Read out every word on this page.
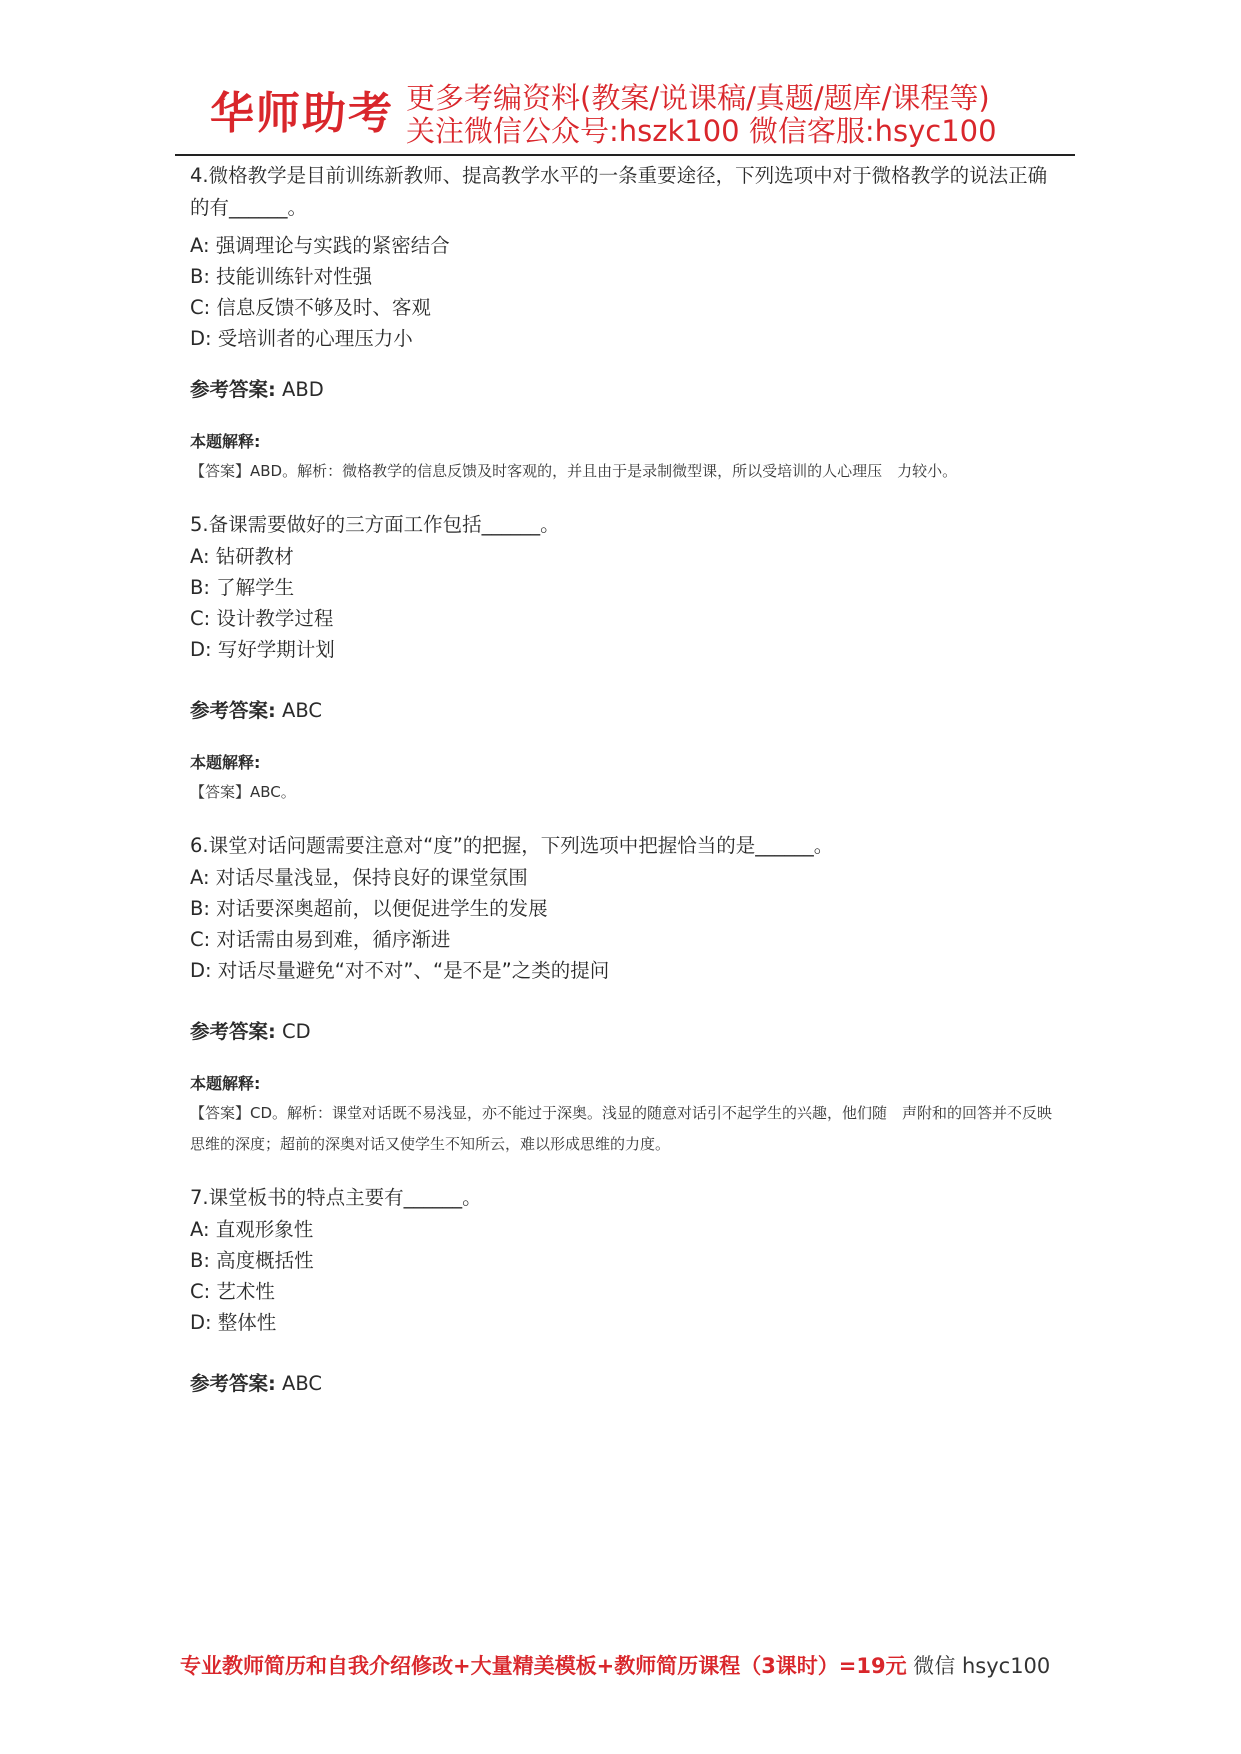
华师助考 更多考编资料(教案/说课稿/真题/题库/课程等)
关注微信公众号:hszk100 微信客服:hsyc100

4.微格教学是目前训练新教师、提高教学水平的一条重要途径，下列选项中对于微格教学的说法正确的有______。

A: 强调理论与实践的紧密结合
B: 技能训练针对性强
C: 信息反馈不够及时、客观
D: 受培训者的心理压力小
参考答案: ABD
本题解释:
【答案】ABD。解析：微格教学的信息反馈及时客观的，并且由于是录制微型课，所以受培训的人心理压　力较小。

5.备课需要做好的三方面工作包括______。

A: 钻研教材
B: 了解学生
C: 设计教学过程
D: 写好学期计划
参考答案: ABC
本题解释:
【答案】ABC。

6.课堂对话问题需要注意对“度”的把握，下列选项中把握恰当的是______。

A: 对话尽量浅显，保持良好的课堂氛围
B: 对话要深奥超前，以便促进学生的发展
C: 对话需由易到难，循序渐进
D: 对话尽量避免“对不对”、“是不是”之类的提问
参考答案: CD
本题解释:
【答案】CD。解析：课堂对话既不易浅显，亦不能过于深奥。浅显的随意对话引不起学生的兴趣，他们随　声附和的回答并不反映思维的深度；超前的深奥对话又使学生不知所云，难以形成思维的力度。

7.课堂板书的特点主要有______。

A: 直观形象性
B: 高度概括性
C: 艺术性
D: 整体性
参考答案: ABC
专业教师简历和自我介绍修改+大量精美模板+教师简历课程（3课时）=19元 微信 hsyc100
